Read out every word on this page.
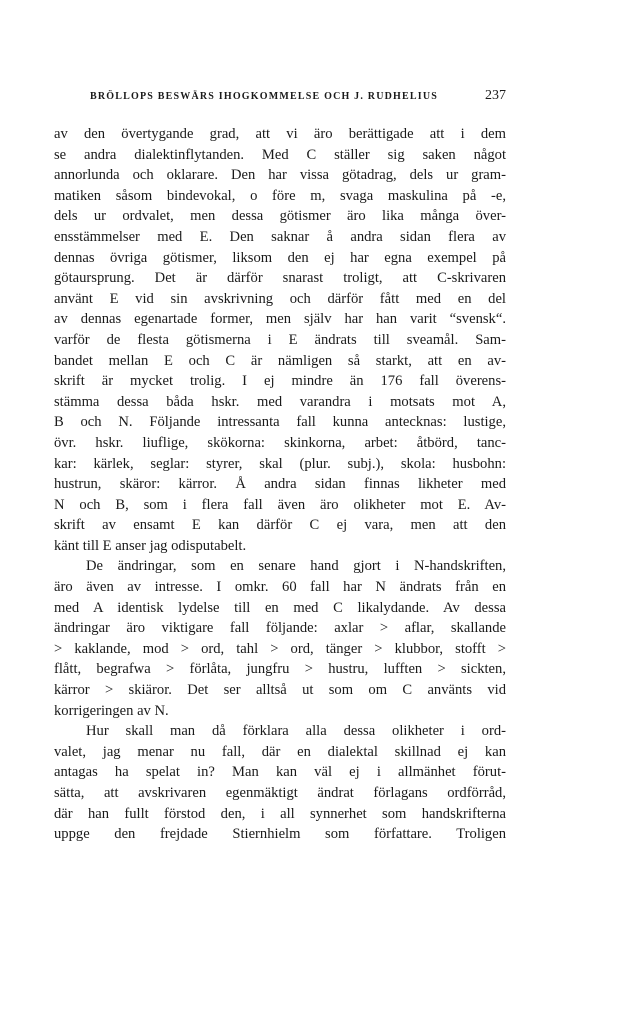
BRÖLLOPS BESWÄRS IHOGKOMMELSE OCH J. RUDHELIUS	237
av den övertygande grad, att vi äro berättigade att i dem
se andra dialektinflytanden. Med C ställer sig saken något
annorlunda och oklarare. Den har vissa götadrag, dels ur gram-
matiken såsom bindevokal, o före m, svaga maskulina på -e,
dels ur ordvalet, men dessa götismer äro lika många över-
ensstämmelser med E. Den saknar å andra sidan flera av
dennas övriga götismer, liksom den ej har egna exempel på
götaursprung. Det är därför snarast troligt, att C-skrivaren
använt E vid sin avskrivning och därför fått med en del
av dennas egenartade former, men själv har han varit “svensk“.
varför de flesta götismerna i E ändrats till sveamål. Sam-
bandet mellan E och C är nämligen så starkt, att en av-
skrift är mycket trolig. I ej mindre än 176 fall överens-
stämma dessa båda hskr. med varandra i motsats mot A,
B och N. Följande intressanta fall kunna antecknas: lustige,
övr. hskr. liuflige, skökorna: skinkorna, arbet: åtbörd, tanc-
kar: kärlek, seglar: styrer, skal (plur. subj.), skola: husbohn:
hustrun, skäror: kärror. Å andra sidan finnas likheter med
N och B, som i flera fall även äro olikheter mot E. Av-
skrift av ensamt E kan därför C ej vara, men att den
känt till E anser jag odisputabelt.
De ändringar, som en senare hand gjort i N-handskriften,
äro även av intresse. I omkr. 60 fall har N ändrats från en
med A identisk lydelse till en med C likalydande. Av dessa
ändringar äro viktigare fall följande: axlar > aflar, skallande
> kaklande, mod > ord, tahl > ord, tänger > klubbor, stofft >
flått, begrafwa > förlåta, jungfru > hustru, lufften > sickten,
kärror > skiäror. Det ser alltså ut som om C använts vid
korrigeringen av N.
Hur skall man då förklara alla dessa olikheter i ord-
valet, jag menar nu fall, där en dialektal skillnad ej kan
antagas ha spelat in? Man kan väl ej i allmänhet förut-
sätta, att avskrivaren egenmäktigt ändrat förlagans ordförråd,
där han fullt förstod den, i all synnerhet som handskrifterna
uppge den frejdade Stiernhielm som författare. Troligen
